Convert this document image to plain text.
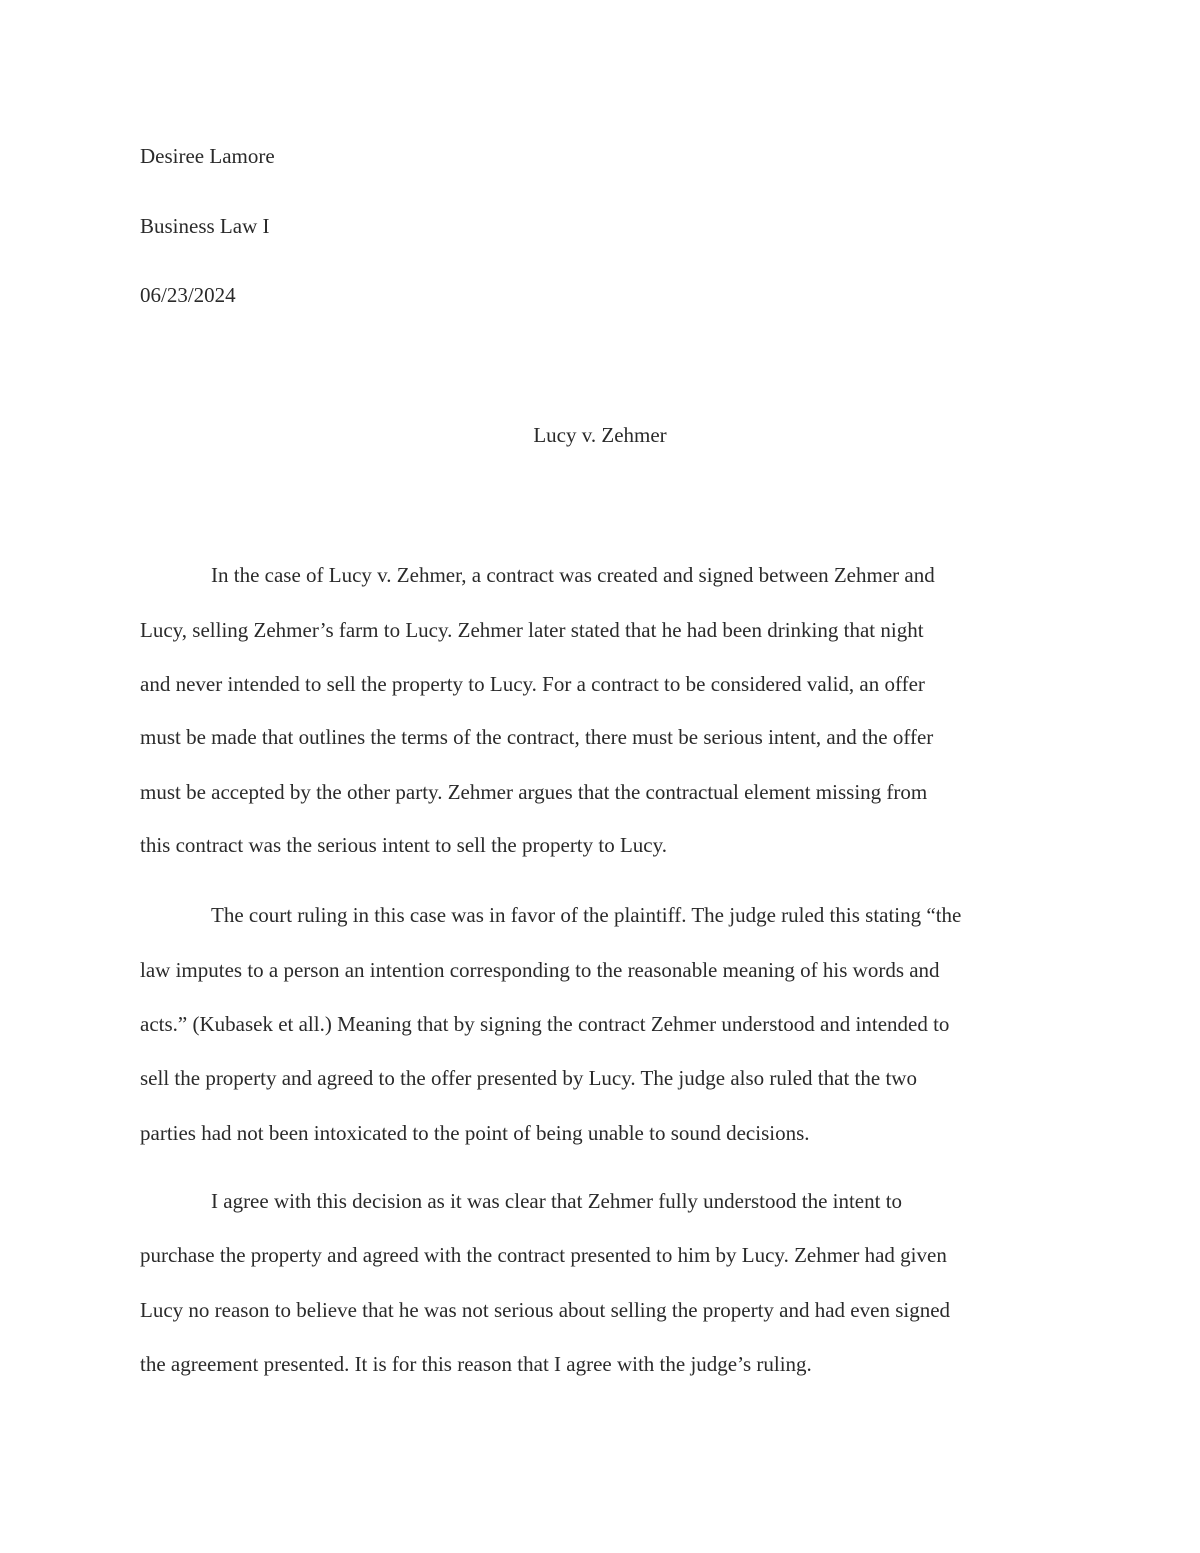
Desiree Lamore
Business Law I
06/23/2024
Lucy v. Zehmer
In the case of Lucy v. Zehmer, a contract was created and signed between Zehmer and
Lucy, selling Zehmer’s farm to Lucy. Zehmer later stated that he had been drinking that night
and never intended to sell the property to Lucy. For a contract to be considered valid, an offer
must be made that outlines the terms of the contract, there must be serious intent, and the offer
must be accepted by the other party. Zehmer argues that the contractual element missing from
this contract was the serious intent to sell the property to Lucy.
The court ruling in this case was in favor of the plaintiff. The judge ruled this stating “the
law imputes to a person an intention corresponding to the reasonable meaning of his words and
acts.” (Kubasek et all.) Meaning that by signing the contract Zehmer understood and intended to
sell the property and agreed to the offer presented by Lucy. The judge also ruled that the two
parties had not been intoxicated to the point of being unable to sound decisions.
I agree with this decision as it was clear that Zehmer fully understood the intent to
purchase the property and agreed with the contract presented to him by Lucy. Zehmer had given
Lucy no reason to believe that he was not serious about selling the property and had even signed
the agreement presented. It is for this reason that I agree with the judge’s ruling.
